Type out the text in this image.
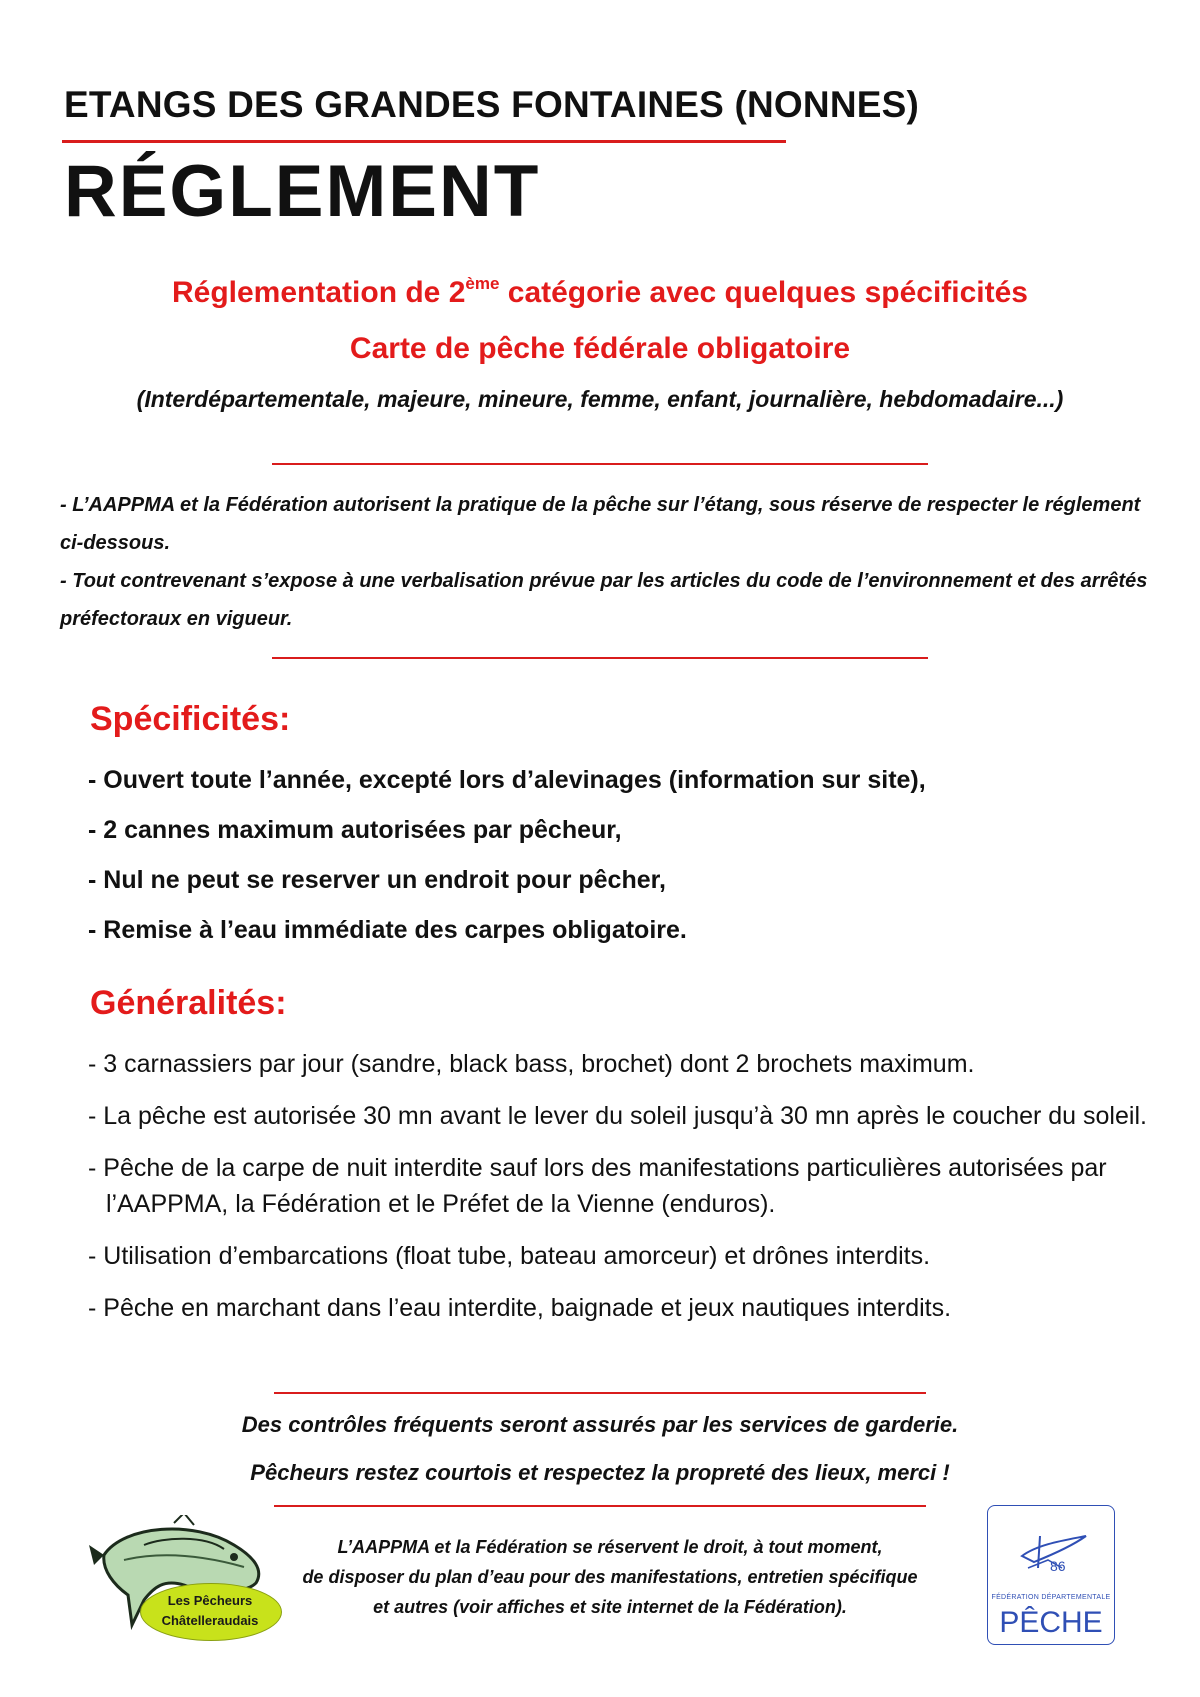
ETANGS DES GRANDES FONTAINES (NONNES)
RÉGLEMENT
Réglementation de 2ème catégorie avec quelques spécificités
Carte de pêche fédérale obligatoire
(Interdépartementale, majeure, mineure, femme, enfant, journalière, hebdomadaire...)

- L’AAPPMA et la Fédération autorisent la pratique de la pêche sur l’étang, sous réserve de respecter le réglement ci-dessous.

- Tout contrevenant s’expose à une verbalisation prévue par les articles du code de l’environnement et des arrêtés préfectoraux en vigueur.

Spécificités:
- Ouvert toute l’année, excepté lors d’alevinages (information sur site),
- 2 cannes maximum autorisées par pêcheur,
- Nul ne peut se reserver un endroit pour pêcher,
- Remise à l’eau immédiate des carpes obligatoire.
Généralités:
- 3 carnassiers par jour (sandre, black bass, brochet) dont 2 brochets maximum.
- La pêche est autorisée 30 mn avant le lever du soleil jusqu’à 30 mn après le coucher du soleil.
- Pêche de la carpe de nuit interdite sauf lors des manifestations particulières autorisées par l’AAPPMA, la Fédération et le Préfet de la Vienne (enduros).
- Utilisation d’embarcations (float tube, bateau amorceur) et drônes interdits.
- Pêche en marchant dans l’eau interdite, baignade et jeux nautiques interdits.
Des contrôles fréquents seront assurés par les services de garderie.
Pêcheurs restez courtois et respectez la propreté des lieux, merci !
L’AAPPMA et la Fédération se réservent le droit, à tout moment,
de disposer du plan d’eau pour des manifestations, entretien spécifique
et autres (voir affiches et site internet de la Fédération).
Les Pêcheurs
Châtelleraudais
86
FÉDÉRATION DÉPARTEMENTALE
PÊCHE
